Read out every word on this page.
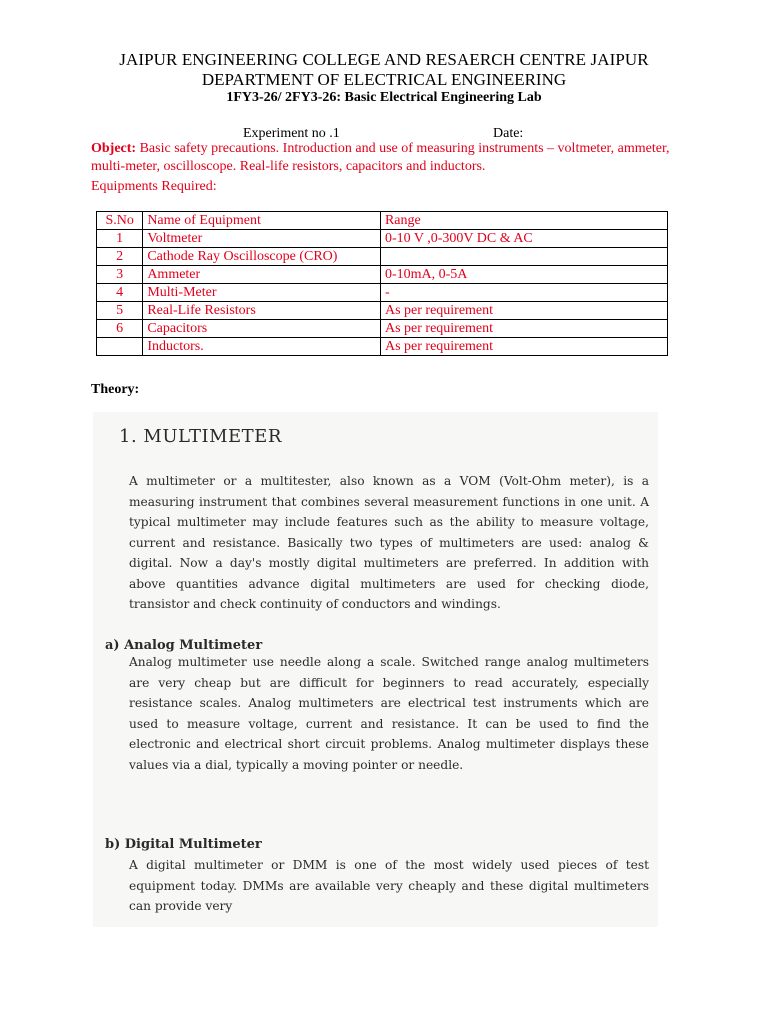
JAIPUR ENGINEERING COLLEGE AND RESAERCH CENTRE JAIPUR
DEPARTMENT OF ELECTRICAL ENGINEERING
1FY3-26/ 2FY3-26: Basic Electrical Engineering Lab
Experiment no .1	Date:
Object: Basic safety precautions. Introduction and use of measuring instruments – voltmeter, ammeter, multi-meter, oscilloscope. Real-life resistors, capacitors and inductors.
Equipments Required:
S.No	Name of Equipment	Range
1	Voltmeter	0-10 V ,0-300V DC & AC
2	Cathode Ray Oscilloscope (CRO)	
3	Ammeter	0-10mA, 0-5A
4	Multi-Meter	-
5	Real-Life Resistors	As per requirement
6	Capacitors	As per requirement
	Inductors.	As per requirement
Theory:
1. MULTIMETER
A multimeter or a multitester, also known as a VOM (Volt-Ohm meter), is a measuring instrument that combines several measurement functions in one unit. A typical multimeter may include features such as the ability to measure voltage, current and resistance. Basically two types of multimeters are used: analog & digital. Now a day's mostly digital multimeters are preferred. In addition with above quantities advance digital multimeters are used for checking diode, transistor and check continuity of conductors and windings.
a) Analog Multimeter
Analog multimeter use needle along a scale. Switched range analog multimeters are very cheap but are difficult for beginners to read accurately, especially resistance scales. Analog multimeters are electrical test instruments which are used to measure voltage, current and resistance. It can be used to find the electronic and electrical short circuit problems. Analog multimeter displays these values via a dial, typically a moving pointer or needle.
b) Digital Multimeter
A digital multimeter or DMM is one of the most widely used pieces of test equipment today. DMMs are available very cheaply and these digital multimeters can provide very
